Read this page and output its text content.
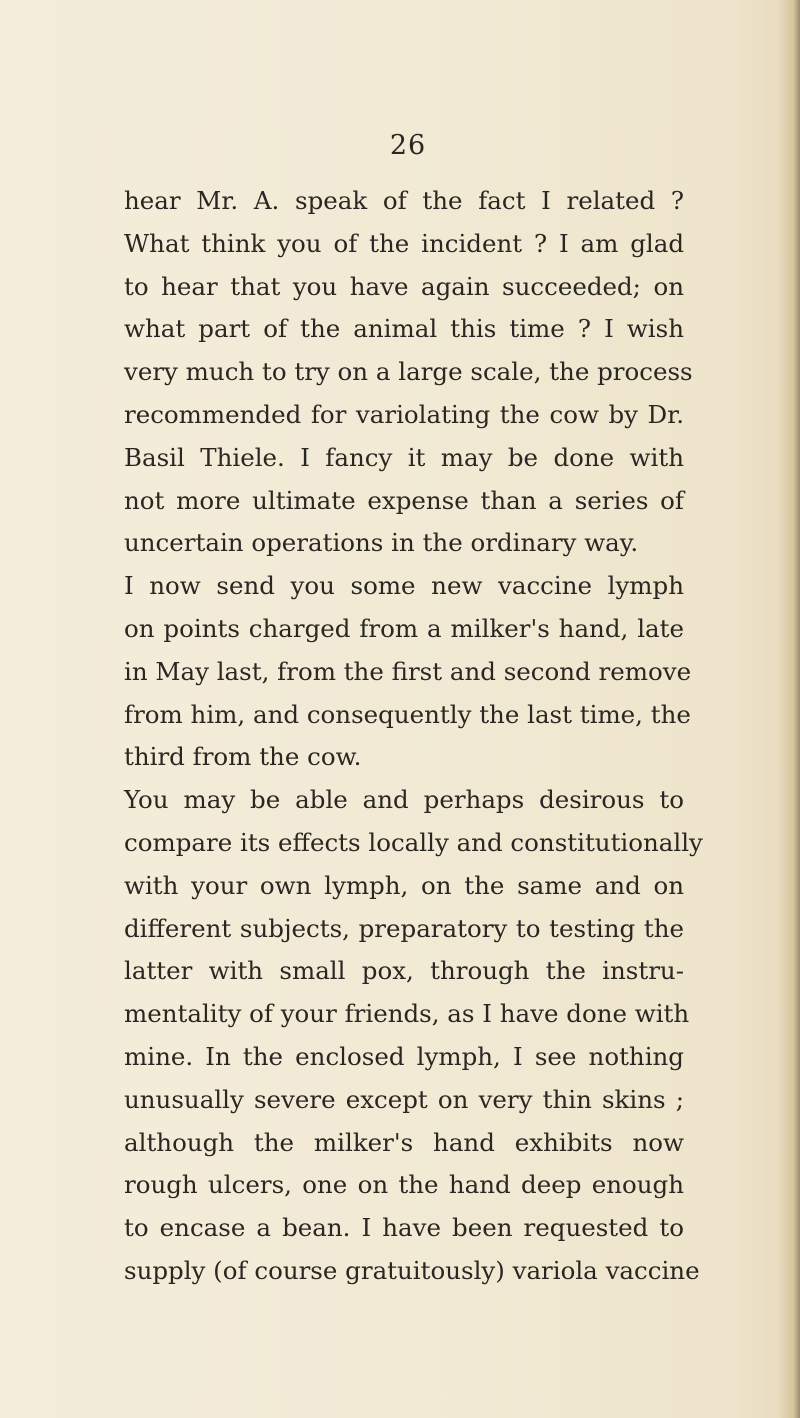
26
hear Mr. A. speak of the fact I related ?
What think you of the incident ? I am glad
to hear that you have again succeeded; on
what part of the animal this time ? I wish
very much to try on a large scale, the process
recommended for variolating the cow by Dr.
Basil Thiele. I fancy it may be done with
not more ultimate expense than a series of
uncertain operations in the ordinary way.
I now send you some new vaccine lymph
on points charged from a milker's hand, late
in May last, from the first and second remove
from him, and consequently the last time, the
third from the cow.
You may be able and perhaps desirous to
compare its effects locally and constitutionally
with your own lymph, on the same and on
different subjects, preparatory to testing the
latter with small pox, through the instru-
mentality of your friends, as I have done with
mine. In the enclosed lymph, I see nothing
unusually severe except on very thin skins ;
although the milker's hand exhibits now
rough ulcers, one on the hand deep enough
to encase a bean. I have been requested to
supply (of course gratuitously) variola vaccine
